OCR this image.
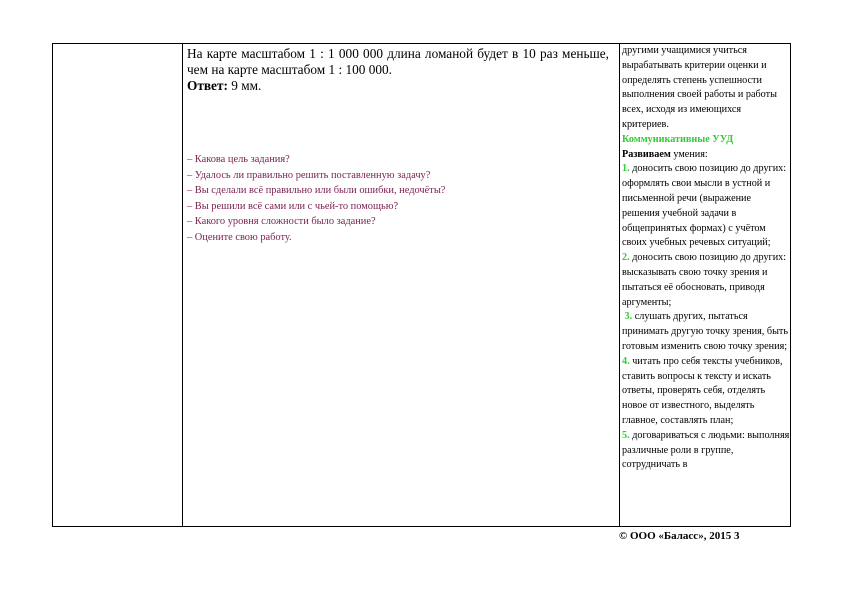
На карте масштабом 1 : 1 000 000 длина ломаной будет в 10 раз меньше, чем на карте масштабом 1 : 100 000.

Ответ: 9 мм.

– Какова цель задания?
– Удалось ли правильно решить поставленную задачу?
– Вы сделали всё правильно или были ошибки, недочёты?
– Вы решили всё сами или с чьей-то помощью?
– Какого уровня сложности было задание?
– Оцените свою работу.
другими учащимися учиться вырабатывать критерии оценки и определять степень успешности выполнения своей работы и работы всех, исходя из имеющихся критериев.
Коммуникативные УУД
Развиваем умения:
1. доносить свою позицию до других: оформлять свои мысли в устной и письменной речи (выражение решения учебной задачи в общепринятых формах) с учётом своих учебных речевых ситуаций;
2. доносить свою позицию до других: высказывать свою точку зрения и пытаться её обосновать, приводя аргументы;
3. слушать других, пытаться принимать другую точку зрения, быть готовым изменить свою точку зрения;
4. читать про себя тексты учебников, ставить вопросы к тексту и искать ответы, проверять себя, отделять новое от известного, выделять главное, составлять план;
5. договариваться с людьми: выполняя различные роли в группе, сотрудничать в
© ООО «Баласс», 2015 3
